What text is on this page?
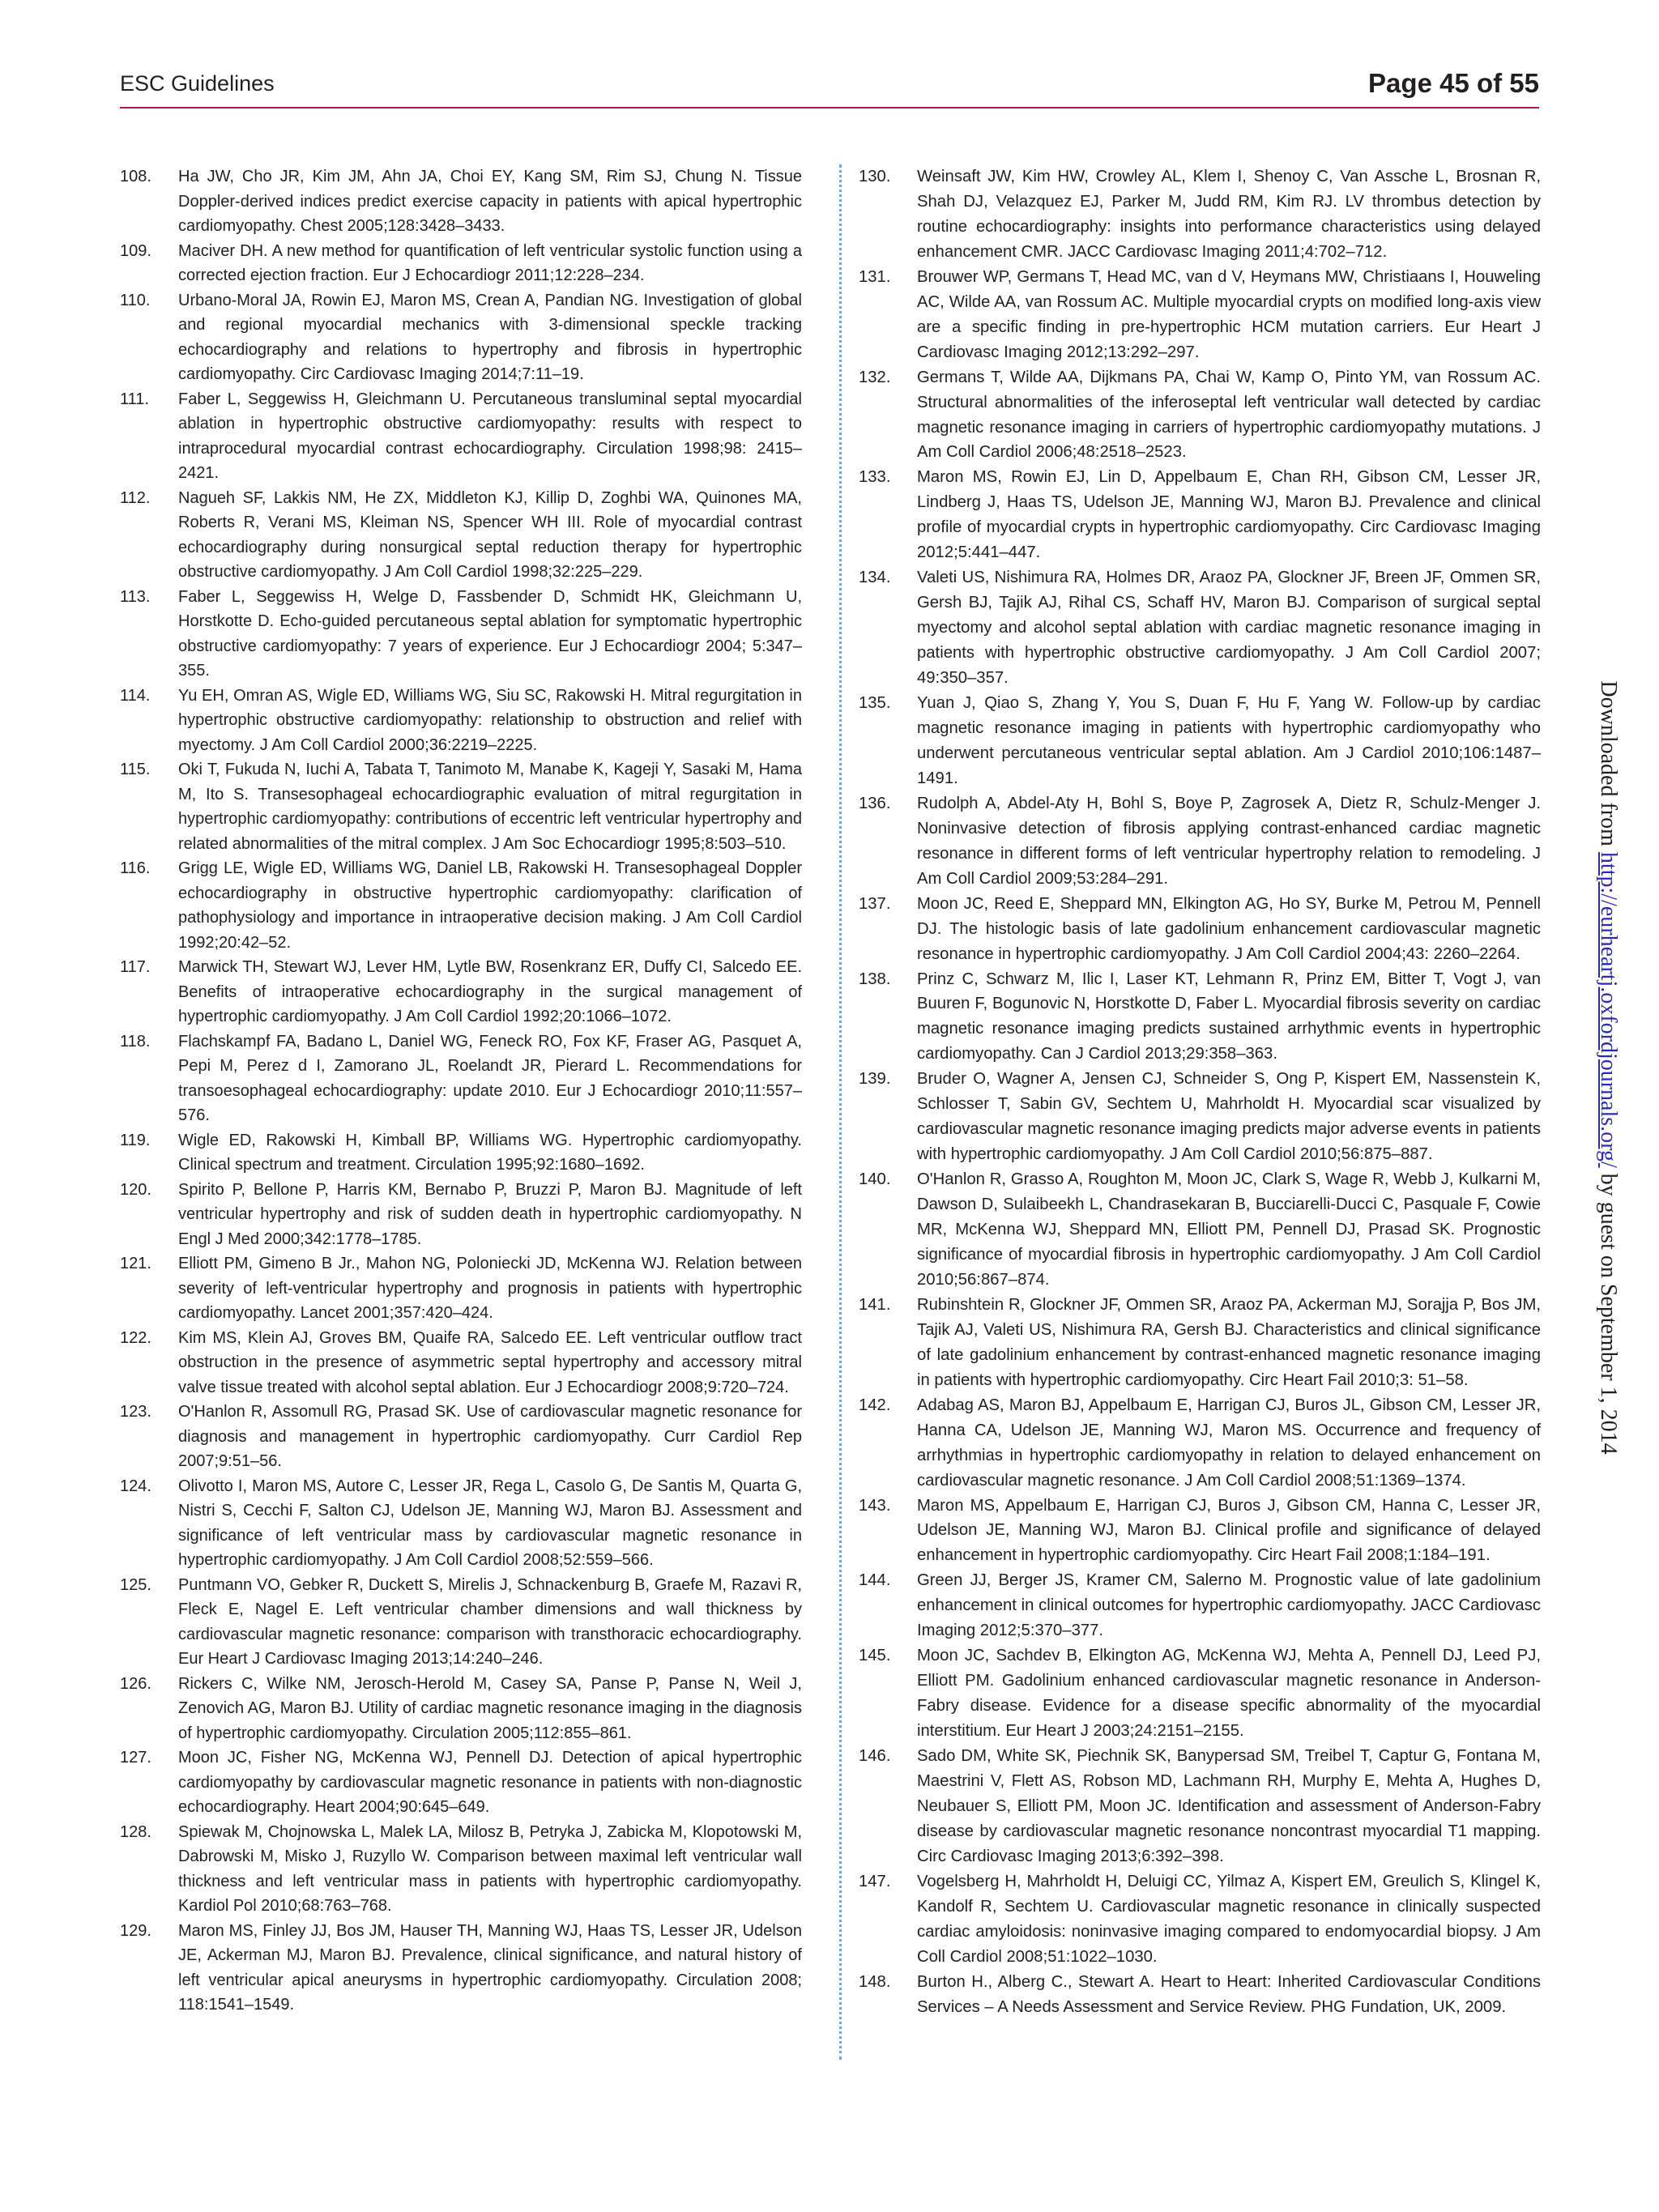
ESC Guidelines	Page 45 of 55
108. Ha JW, Cho JR, Kim JM, Ahn JA, Choi EY, Kang SM, Rim SJ, Chung N. Tissue Doppler-derived indices predict exercise capacity in patients with apical hypertrophic cardiomyopathy. Chest 2005;128:3428–3433.
109. Maciver DH. A new method for quantification of left ventricular systolic function using a corrected ejection fraction. Eur J Echocardiogr 2011;12:228–234.
110. Urbano-Moral JA, Rowin EJ, Maron MS, Crean A, Pandian NG. Investigation of global and regional myocardial mechanics with 3-dimensional speckle tracking echocardiography and relations to hypertrophy and fibrosis in hypertrophic cardiomyopathy. Circ Cardiovasc Imaging 2014;7:11–19.
111. Faber L, Seggewiss H, Gleichmann U. Percutaneous transluminal septal myocardial ablation in hypertrophic obstructive cardiomyopathy: results with respect to intraprocedural myocardial contrast echocardiography. Circulation 1998;98: 2415–2421.
112. Nagueh SF, Lakkis NM, He ZX, Middleton KJ, Killip D, Zoghbi WA, Quinones MA, Roberts R, Verani MS, Kleiman NS, Spencer WH III. Role of myocardial contrast echocardiography during nonsurgical septal reduction therapy for hypertrophic obstructive cardiomyopathy. J Am Coll Cardiol 1998;32:225–229.
113. Faber L, Seggewiss H, Welge D, Fassbender D, Schmidt HK, Gleichmann U, Horstkotte D. Echo-guided percutaneous septal ablation for symptomatic hypertrophic obstructive cardiomyopathy: 7 years of experience. Eur J Echocardiogr 2004; 5:347–355.
114. Yu EH, Omran AS, Wigle ED, Williams WG, Siu SC, Rakowski H. Mitral regurgitation in hypertrophic obstructive cardiomyopathy: relationship to obstruction and relief with myectomy. J Am Coll Cardiol 2000;36:2219–2225.
115. Oki T, Fukuda N, Iuchi A, Tabata T, Tanimoto M, Manabe K, Kageji Y, Sasaki M, Hama M, Ito S. Transesophageal echocardiographic evaluation of mitral regurgitation in hypertrophic cardiomyopathy: contributions of eccentric left ventricular hypertrophy and related abnormalities of the mitral complex. J Am Soc Echocardiogr 1995;8:503–510.
116. Grigg LE, Wigle ED, Williams WG, Daniel LB, Rakowski H. Transesophageal Doppler echocardiography in obstructive hypertrophic cardiomyopathy: clarification of pathophysiology and importance in intraoperative decision making. J Am Coll Cardiol 1992;20:42–52.
117. Marwick TH, Stewart WJ, Lever HM, Lytle BW, Rosenkranz ER, Duffy CI, Salcedo EE. Benefits of intraoperative echocardiography in the surgical management of hypertrophic cardiomyopathy. J Am Coll Cardiol 1992;20:1066–1072.
118. Flachskampf FA, Badano L, Daniel WG, Feneck RO, Fox KF, Fraser AG, Pasquet A, Pepi M, Perez d I, Zamorano JL, Roelandt JR, Pierard L. Recommendations for transoesophageal echocardiography: update 2010. Eur J Echocardiogr 2010;11:557–576.
119. Wigle ED, Rakowski H, Kimball BP, Williams WG. Hypertrophic cardiomyopathy. Clinical spectrum and treatment. Circulation 1995;92:1680–1692.
120. Spirito P, Bellone P, Harris KM, Bernabo P, Bruzzi P, Maron BJ. Magnitude of left ventricular hypertrophy and risk of sudden death in hypertrophic cardiomyopathy. N Engl J Med 2000;342:1778–1785.
121. Elliott PM, Gimeno B Jr., Mahon NG, Poloniecki JD, McKenna WJ. Relation between severity of left-ventricular hypertrophy and prognosis in patients with hypertrophic cardiomyopathy. Lancet 2001;357:420–424.
122. Kim MS, Klein AJ, Groves BM, Quaife RA, Salcedo EE. Left ventricular outflow tract obstruction in the presence of asymmetric septal hypertrophy and accessory mitral valve tissue treated with alcohol septal ablation. Eur J Echocardiogr 2008;9:720–724.
123. O'Hanlon R, Assomull RG, Prasad SK. Use of cardiovascular magnetic resonance for diagnosis and management in hypertrophic cardiomyopathy. Curr Cardiol Rep 2007;9:51–56.
124. Olivotto I, Maron MS, Autore C, Lesser JR, Rega L, Casolo G, De Santis M, Quarta G, Nistri S, Cecchi F, Salton CJ, Udelson JE, Manning WJ, Maron BJ. Assessment and significance of left ventricular mass by cardiovascular magnetic resonance in hypertrophic cardiomyopathy. J Am Coll Cardiol 2008;52:559–566.
125. Puntmann VO, Gebker R, Duckett S, Mirelis J, Schnackenburg B, Graefe M, Razavi R, Fleck E, Nagel E. Left ventricular chamber dimensions and wall thickness by cardiovascular magnetic resonance: comparison with transthoracic echocardiography. Eur Heart J Cardiovasc Imaging 2013;14:240–246.
126. Rickers C, Wilke NM, Jerosch-Herold M, Casey SA, Panse P, Panse N, Weil J, Zenovich AG, Maron BJ. Utility of cardiac magnetic resonance imaging in the diagnosis of hypertrophic cardiomyopathy. Circulation 2005;112:855–861.
127. Moon JC, Fisher NG, McKenna WJ, Pennell DJ. Detection of apical hypertrophic cardiomyopathy by cardiovascular magnetic resonance in patients with non-diagnostic echocardiography. Heart 2004;90:645–649.
128. Spiewak M, Chojnowska L, Malek LA, Milosz B, Petryka J, Zabicka M, Klopotowski M, Dabrowski M, Misko J, Ruzyllo W. Comparison between maximal left ventricular wall thickness and left ventricular mass in patients with hypertrophic cardiomyopathy. Kardiol Pol 2010;68:763–768.
129. Maron MS, Finley JJ, Bos JM, Hauser TH, Manning WJ, Haas TS, Lesser JR, Udelson JE, Ackerman MJ, Maron BJ. Prevalence, clinical significance, and natural history of left ventricular apical aneurysms in hypertrophic cardiomyopathy. Circulation 2008; 118:1541–1549.
130. Weinsaft JW, Kim HW, Crowley AL, Klem I, Shenoy C, Van Assche L, Brosnan R, Shah DJ, Velazquez EJ, Parker M, Judd RM, Kim RJ. LV thrombus detection by routine echocardiography: insights into performance characteristics using delayed enhancement CMR. JACC Cardiovasc Imaging 2011;4:702–712.
131. Brouwer WP, Germans T, Head MC, van d V, Heymans MW, Christiaans I, Houweling AC, Wilde AA, van Rossum AC. Multiple myocardial crypts on modified long-axis view are a specific finding in pre-hypertrophic HCM mutation carriers. Eur Heart J Cardiovasc Imaging 2012;13:292–297.
132. Germans T, Wilde AA, Dijkmans PA, Chai W, Kamp O, Pinto YM, van Rossum AC. Structural abnormalities of the inferoseptal left ventricular wall detected by cardiac magnetic resonance imaging in carriers of hypertrophic cardiomyopathy mutations. J Am Coll Cardiol 2006;48:2518–2523.
133. Maron MS, Rowin EJ, Lin D, Appelbaum E, Chan RH, Gibson CM, Lesser JR, Lindberg J, Haas TS, Udelson JE, Manning WJ, Maron BJ. Prevalence and clinical profile of myocardial crypts in hypertrophic cardiomyopathy. Circ Cardiovasc Imaging 2012;5:441–447.
134. Valeti US, Nishimura RA, Holmes DR, Araoz PA, Glockner JF, Breen JF, Ommen SR, Gersh BJ, Tajik AJ, Rihal CS, Schaff HV, Maron BJ. Comparison of surgical septal myectomy and alcohol septal ablation with cardiac magnetic resonance imaging in patients with hypertrophic obstructive cardiomyopathy. J Am Coll Cardiol 2007; 49:350–357.
135. Yuan J, Qiao S, Zhang Y, You S, Duan F, Hu F, Yang W. Follow-up by cardiac magnetic resonance imaging in patients with hypertrophic cardiomyopathy who underwent percutaneous ventricular septal ablation. Am J Cardiol 2010;106:1487–1491.
136. Rudolph A, Abdel-Aty H, Bohl S, Boye P, Zagrosek A, Dietz R, Schulz-Menger J. Noninvasive detection of fibrosis applying contrast-enhanced cardiac magnetic resonance in different forms of left ventricular hypertrophy relation to remodeling. J Am Coll Cardiol 2009;53:284–291.
137. Moon JC, Reed E, Sheppard MN, Elkington AG, Ho SY, Burke M, Petrou M, Pennell DJ. The histologic basis of late gadolinium enhancement cardiovascular magnetic resonance in hypertrophic cardiomyopathy. J Am Coll Cardiol 2004;43: 2260–2264.
138. Prinz C, Schwarz M, Ilic I, Laser KT, Lehmann R, Prinz EM, Bitter T, Vogt J, van Buuren F, Bogunovic N, Horstkotte D, Faber L. Myocardial fibrosis severity on cardiac magnetic resonance imaging predicts sustained arrhythmic events in hypertrophic cardiomyopathy. Can J Cardiol 2013;29:358–363.
139. Bruder O, Wagner A, Jensen CJ, Schneider S, Ong P, Kispert EM, Nassenstein K, Schlosser T, Sabin GV, Sechtem U, Mahrholdt H. Myocardial scar visualized by cardiovascular magnetic resonance imaging predicts major adverse events in patients with hypertrophic cardiomyopathy. J Am Coll Cardiol 2010;56:875–887.
140. O'Hanlon R, Grasso A, Roughton M, Moon JC, Clark S, Wage R, Webb J, Kulkarni M, Dawson D, Sulaibeekh L, Chandrasekaran B, Bucciarelli-Ducci C, Pasquale F, Cowie MR, McKenna WJ, Sheppard MN, Elliott PM, Pennell DJ, Prasad SK. Prognostic significance of myocardial fibrosis in hypertrophic cardiomyopathy. J Am Coll Cardiol 2010;56:867–874.
141. Rubinshtein R, Glockner JF, Ommen SR, Araoz PA, Ackerman MJ, Sorajja P, Bos JM, Tajik AJ, Valeti US, Nishimura RA, Gersh BJ. Characteristics and clinical significance of late gadolinium enhancement by contrast-enhanced magnetic resonance imaging in patients with hypertrophic cardiomyopathy. Circ Heart Fail 2010;3: 51–58.
142. Adabag AS, Maron BJ, Appelbaum E, Harrigan CJ, Buros JL, Gibson CM, Lesser JR, Hanna CA, Udelson JE, Manning WJ, Maron MS. Occurrence and frequency of arrhythmias in hypertrophic cardiomyopathy in relation to delayed enhancement on cardiovascular magnetic resonance. J Am Coll Cardiol 2008;51:1369–1374.
143. Maron MS, Appelbaum E, Harrigan CJ, Buros J, Gibson CM, Hanna C, Lesser JR, Udelson JE, Manning WJ, Maron BJ. Clinical profile and significance of delayed enhancement in hypertrophic cardiomyopathy. Circ Heart Fail 2008;1:184–191.
144. Green JJ, Berger JS, Kramer CM, Salerno M. Prognostic value of late gadolinium enhancement in clinical outcomes for hypertrophic cardiomyopathy. JACC Cardiovasc Imaging 2012;5:370–377.
145. Moon JC, Sachdev B, Elkington AG, McKenna WJ, Mehta A, Pennell DJ, Leed PJ, Elliott PM. Gadolinium enhanced cardiovascular magnetic resonance in Anderson-Fabry disease. Evidence for a disease specific abnormality of the myocardial interstitium. Eur Heart J 2003;24:2151–2155.
146. Sado DM, White SK, Piechnik SK, Banypersad SM, Treibel T, Captur G, Fontana M, Maestrini V, Flett AS, Robson MD, Lachmann RH, Murphy E, Mehta A, Hughes D, Neubauer S, Elliott PM, Moon JC. Identification and assessment of Anderson-Fabry disease by cardiovascular magnetic resonance noncontrast myocardial T1 mapping. Circ Cardiovasc Imaging 2013;6:392–398.
147. Vogelsberg H, Mahrholdt H, Deluigi CC, Yilmaz A, Kispert EM, Greulich S, Klingel K, Kandolf R, Sechtem U. Cardiovascular magnetic resonance in clinically suspected cardiac amyloidosis: noninvasive imaging compared to endomyocardial biopsy. J Am Coll Cardiol 2008;51:1022–1030.
148. Burton H., Alberg C., Stewart A. Heart to Heart: Inherited Cardiovascular Conditions Services – A Needs Assessment and Service Review. PHG Fundation, UK, 2009.
Downloaded from http://eurheartj.oxfordjournals.org/ by guest on September 1, 2014
